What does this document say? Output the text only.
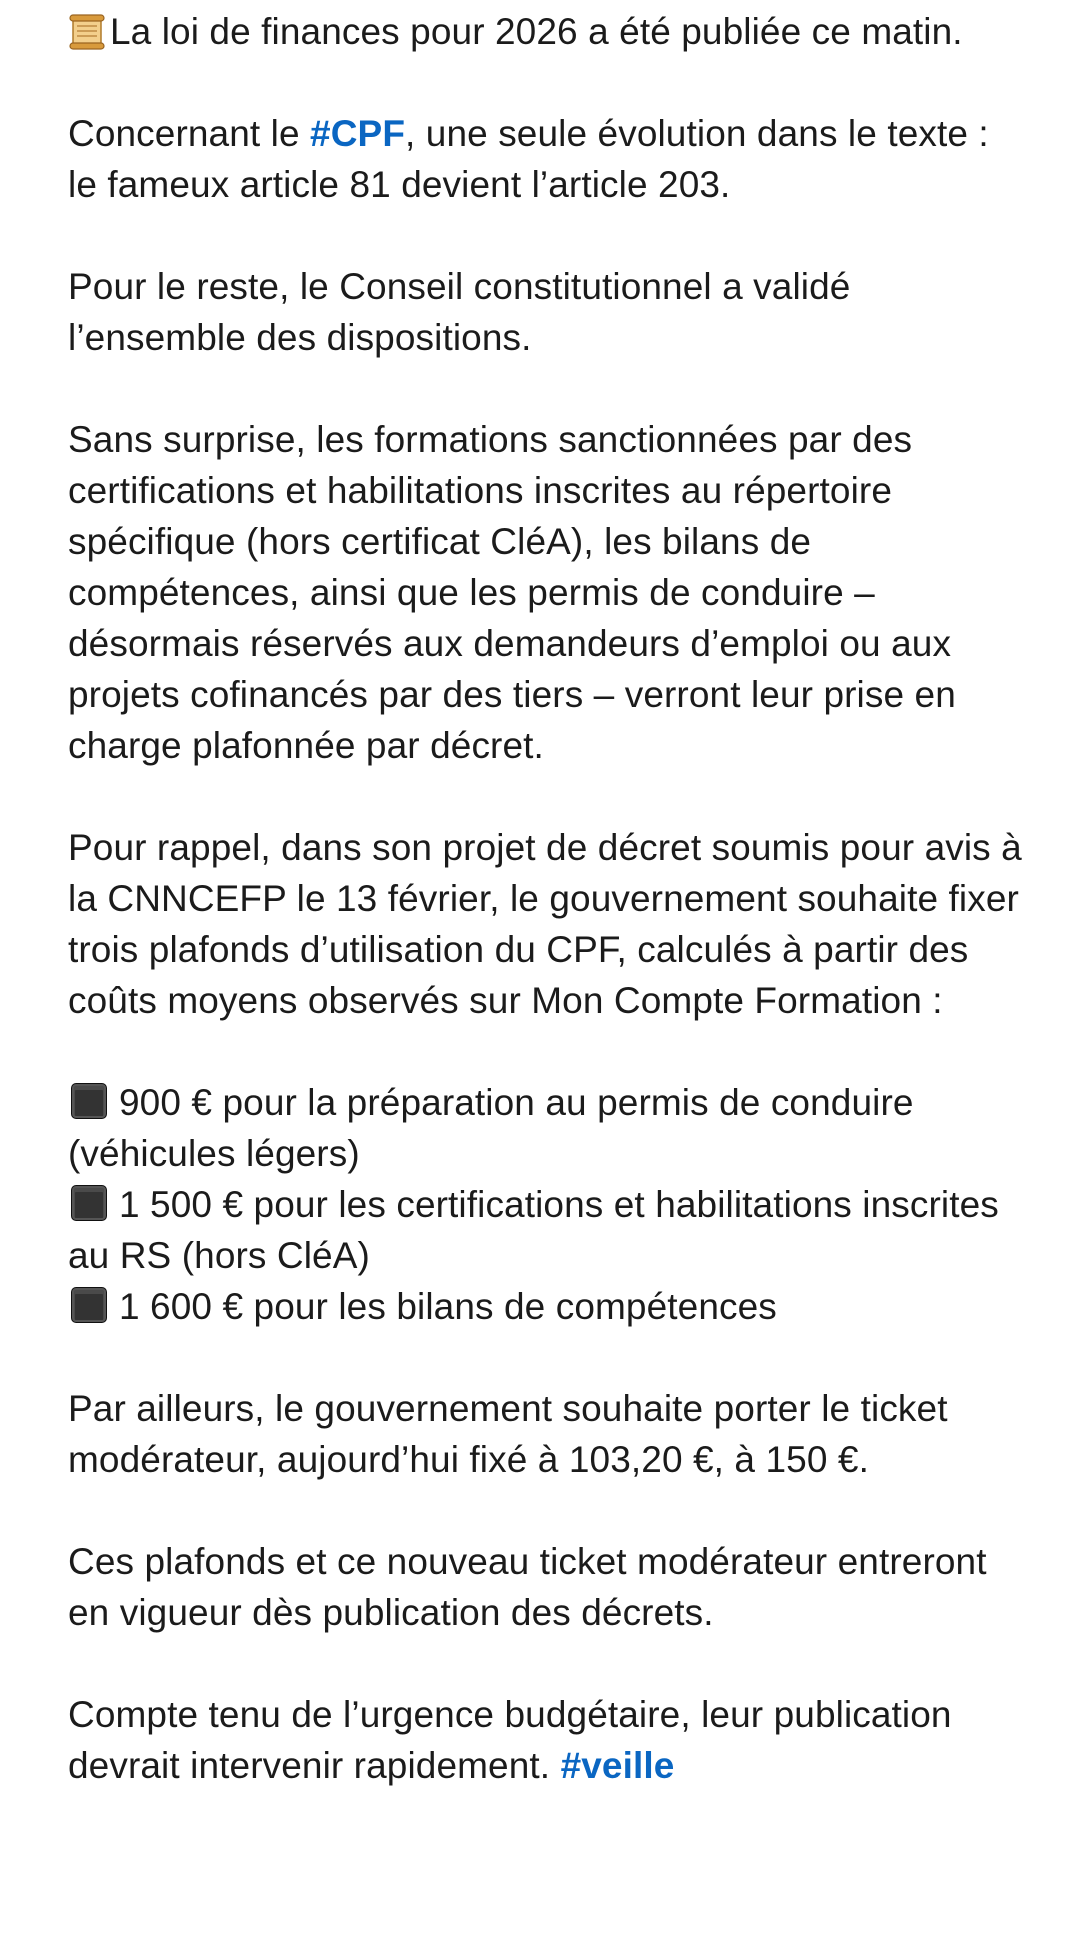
La loi de finances pour 2026 a été publiée ce matin.

Concernant le #CPF, une seule évolution dans le texte : le fameux article 81 devient l’article 203.

Pour le reste, le Conseil constitutionnel a validé l’ensemble des dispositions.

Sans surprise, les formations sanctionnées par des certifications et habilitations inscrites au répertoire spécifique (hors certificat CléA), les bilans de compétences, ainsi que les permis de conduire – désormais réservés aux demandeurs d’emploi ou aux projets cofinancés par des tiers – verront leur prise en charge plafonnée par décret.

Pour rappel, dans son projet de décret soumis pour avis à la CNNCEFP le 13 février, le gouvernement souhaite fixer trois plafonds d’utilisation du CPF, calculés à partir des coûts moyens observés sur Mon Compte Formation :

900 € pour la préparation au permis de conduire (véhicules légers)
1 500 € pour les certifications et habilitations inscrites au RS (hors CléA)
1 600 € pour les bilans de compétences

Par ailleurs, le gouvernement souhaite porter le ticket modérateur, aujourd’hui fixé à 103,20 €, à 150 €.

Ces plafonds et ce nouveau ticket modérateur entreront en vigueur dès publication des décrets.

Compte tenu de l’urgence budgétaire, leur publication devrait intervenir rapidement. #veille
